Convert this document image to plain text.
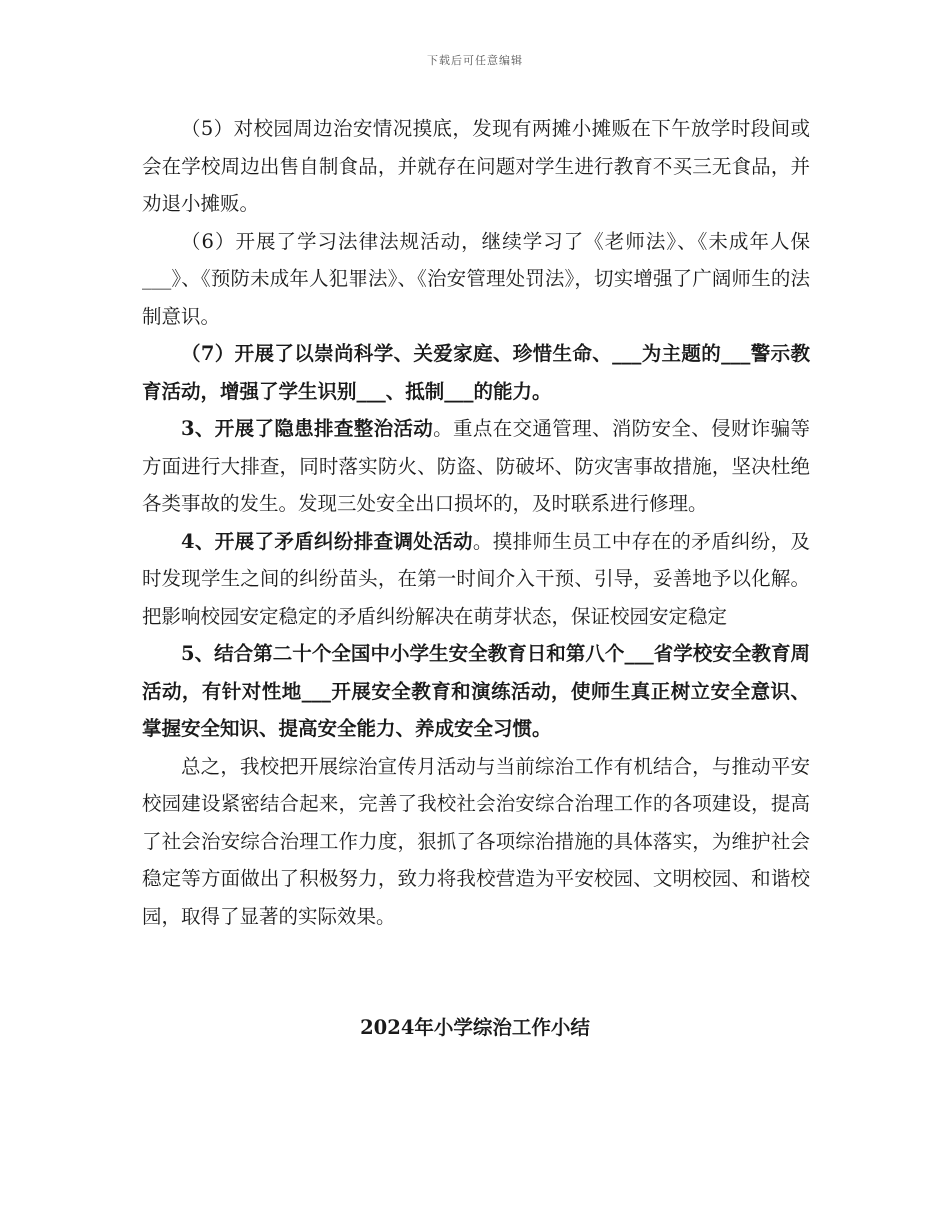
下载后可任意编辑

（5）对校园周边治安情况摸底，发现有两摊小摊贩在下午放学时段间或会在学校周边出售自制食品，并就存在问题对学生进行教育不买三无食品，并劝退小摊贩。

（6）开展了学习法律法规活动，继续学习了《老师法》、《未成年人保___》、《预防未成年人犯罪法》、《治安管理处罚法》，切实增强了广阔师生的法制意识。

（7）开展了以崇尚科学、关爱家庭、珍惜生命、___为主题的___警示教育活动，增强了学生识别___、抵制___的能力。

3、开展了隐患排查整治活动。重点在交通管理、消防安全、侵财诈骗等方面进行大排查，同时落实防火、防盗、防破坏、防灾害事故措施，坚决杜绝各类事故的发生。发现三处安全出口损坏的，及时联系进行修理。

4、开展了矛盾纠纷排查调处活动。摸排师生员工中存在的矛盾纠纷，及时发现学生之间的纠纷苗头，在第一时间介入干预、引导，妥善地予以化解。把影响校园安定稳定的矛盾纠纷解决在萌芽状态，保证校园安定稳定

5、结合第二十个全国中小学生安全教育日和第八个___省学校安全教育周活动，有针对性地___开展安全教育和演练活动，使师生真正树立安全意识、掌握安全知识、提高安全能力、养成安全习惯。

总之，我校把开展综治宣传月活动与当前综治工作有机结合，与推动平安校园建设紧密结合起来，完善了我校社会治安综合治理工作的各项建设，提高了社会治安综合治理工作力度，狠抓了各项综治措施的具体落实，为维护社会稳定等方面做出了积极努力，致力将我校营造为平安校园、文明校园、和谐校园，取得了显著的实际效果。

2024年小学综治工作小结
